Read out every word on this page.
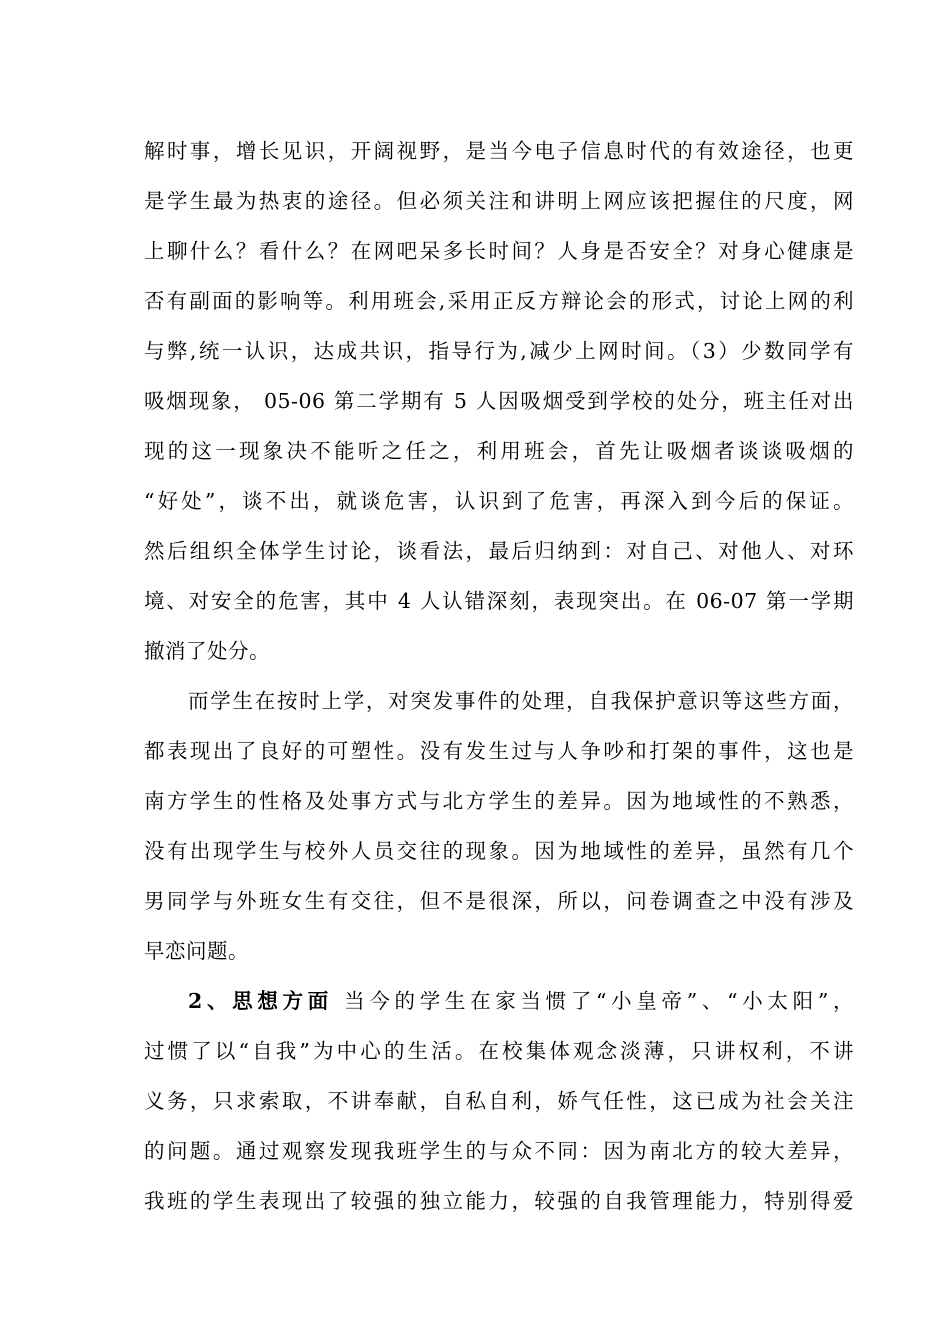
解时事，增长见识，开阔视野，是当今电子信息时代的有效途径，也更
是学生最为热衷的途径。但必须关注和讲明上网应该把握住的尺度，网
上聊什么？看什么？在网吧呆多长时间？人身是否安全？对身心健康是
否有副面的影响等。利用班会,采用正反方辩论会的形式，讨论上网的利
与弊,统一认识，达成共识，指导行为,减少上网时间。（3）少数同学有
吸烟现象， 05-06 第二学期有 5 人因吸烟受到学校的处分，班主任对出
现的这一现象决不能听之任之，利用班会，首先让吸烟者谈谈吸烟的
“好处”，谈不出，就谈危害，认识到了危害，再深入到今后的保证。
然后组织全体学生讨论，谈看法，最后归纳到：对自己、对他人、对环
境、对安全的危害，其中 4 人认错深刻，表现突出。在 06-07 第一学期
撤消了处分。
而学生在按时上学，对突发事件的处理，自我保护意识等这些方面，
都表现出了良好的可塑性。没有发生过与人争吵和打架的事件，这也是
南方学生的性格及处事方式与北方学生的差异。因为地域性的不熟悉，
没有出现学生与校外人员交往的现象。因为地域性的差异，虽然有几个
男同学与外班女生有交往，但不是很深，所以，问卷调查之中没有涉及
早恋问题。
2、思想方面 当今的学生在家当惯了“小皇帝”、“小太阳”，
过惯了以“自我”为中心的生活。在校集体观念淡薄，只讲权利，不讲
义务，只求索取，不讲奉献，自私自利，娇气任性，这已成为社会关注
的问题。通过观察发现我班学生的与众不同：因为南北方的较大差异，
我班的学生表现出了较强的独立能力，较强的自我管理能力，特别得爱
